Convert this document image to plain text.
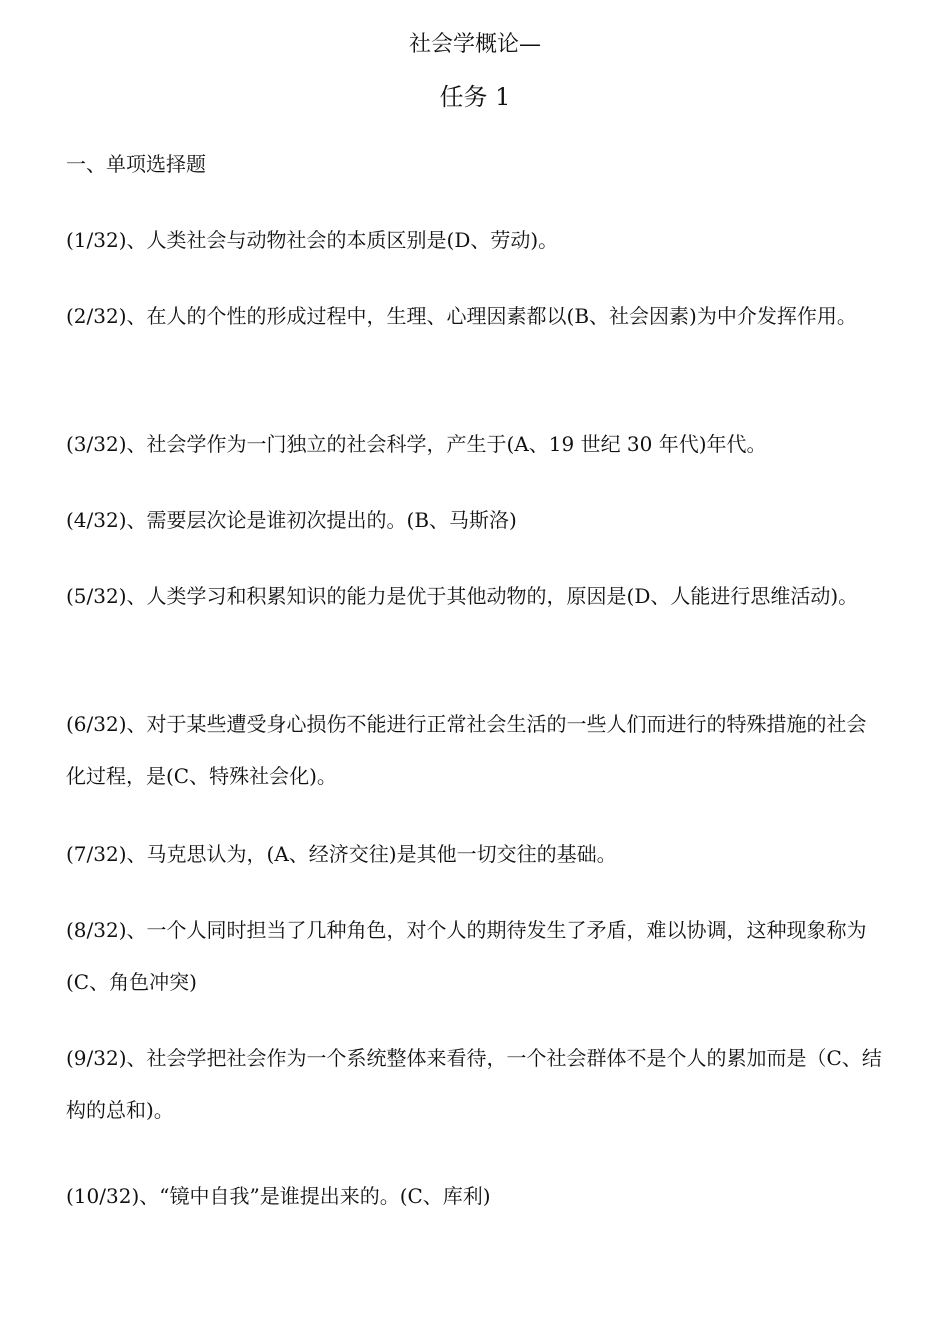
社会学概论—
任务 1
一、单项选择题

(1/32)、人类社会与动物社会的本质区别是(D、劳动)。

(2/32)、在人的个性的形成过程中，生理、心理因素都以(B、社会因素)为中介发挥作用。

(3/32)、社会学作为一门独立的社会科学，产生于(A、19 世纪 30 年代)年代。

(4/32)、需要层次论是谁初次提出的。(B、马斯洛)

(5/32)、人类学习和积累知识的能力是优于其他动物的，原因是(D、人能进行思维活动)。

(6/32)、对于某些遭受身心损伤不能进行正常社会生活的一些人们而进行的特殊措施的社会化过程，是(C、特殊社会化)。

(7/32)、马克思认为，(A、经济交往)是其他一切交往的基础。

(8/32)、一个人同时担当了几种角色，对个人的期待发生了矛盾，难以协调，这种现象称为(C、角色冲突)

(9/32)、社会学把社会作为一个系统整体来看待，一个社会群体不是个人的累加而是（C、结构的总和)。

(10/32)、“镜中自我”是谁提出来的。(C、库利)
